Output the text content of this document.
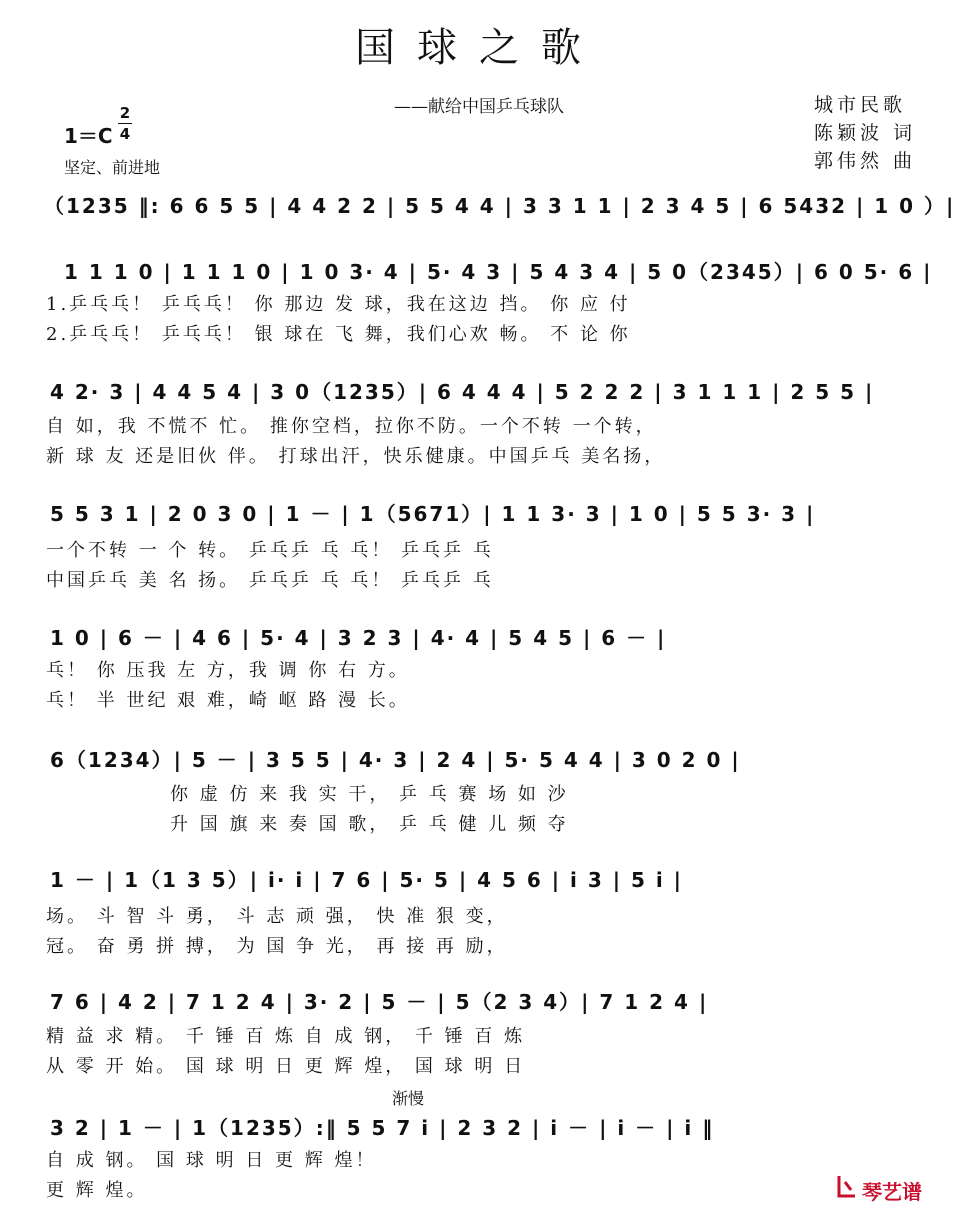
国球之歌
——献给中国乒乓球队	城市民歌
陈颖波 词
郭伟然 曲
1＝C
2
4
坚定、前进地
（1235 ‖: 6 6 5 5 | 4 4 2 2 | 5 5 4 4 | 3 3 1 1 | 2 3 4 5 | 6 5432 | 1 0 ）|
1 1 1 0 | 1 1 1 0 | 1 0 3· 4 | 5· 4 3 | 5 4 3 4 | 5 0（2345）| 6 0 5· 6 |
1.乒乓乓！ 乒乓乓！ 你 那边 发 球，我在这边 挡。 你 应 付
2.乒乓乓！ 乒乓乓！ 银 球在 飞 舞，我们心欢 畅。 不 论 你
4 2· 3 | 4 4 5 4 | 3 0（1235）| 6 4 4 4 | 5 2 2 2 | 3 1 1 1 | 2 5 5 |
自 如，我 不慌不 忙。 推你空档，拉你不防。一个不转 一个转，
新 球 友 还是旧伙 伴。 打球出汗，快乐健康。中国乒乓 美名扬，
5 5 3 1 | 2 0 3 0 | 1 － | 1（5671）| 1 1 3· 3 | 1 0 | 5 5 3· 3 |
一个不转 一 个 转。 乒乓乒 乓 乓！ 乒乓乒 乓
中国乒乓 美 名 扬。 乒乓乒 乓 乓！ 乒乓乒 乓
1 0 | 6 － | 4 6 | 5· 4 | 3 2 3 | 4· 4 | 5 4 5 | 6 － |
乓！ 你 压我 左 方，我 调 你 右 方。
乓！ 半 世纪 艰 难，崎 岖 路 漫 长。
6（1234）| 5 － | 3 5 5 | 4· 3 | 2 4 | 5· 5 4 4 | 3 0 2 0 |
你 虚 仿 来 我 实 干， 乒 乓 赛 场 如 沙
升 国 旗 来 奏 国 歌， 乒 乓 健 儿 频 夺
1 － | 1（1 3 5）| i· i | 7 6 | 5· 5 | 4 5 6 | i 3 | 5 i |
场。 斗 智 斗 勇， 斗 志 顽 强， 快 准 狠 变，
冠。 奋 勇 拼 搏， 为 国 争 光， 再 接 再 励，
7 6 | 4 2 | 7 1 2 4 | 3· 2 | 5 － | 5（2 3 4）| 7 1 2 4 |
精 益 求 精。 千 锤 百 炼 自 成 钢， 千 锤 百 炼
从 零 开 始。 国 球 明 日 更 辉 煌， 国 球 明 日
渐慢
3 2 | 1 － | 1（1235）:‖ 5 5 7 i | 2 3 2 | i － | i － | i ‖
自 成 钢。 国 球 明 日 更 辉 煌！
更 辉 煌。	琴艺谱
